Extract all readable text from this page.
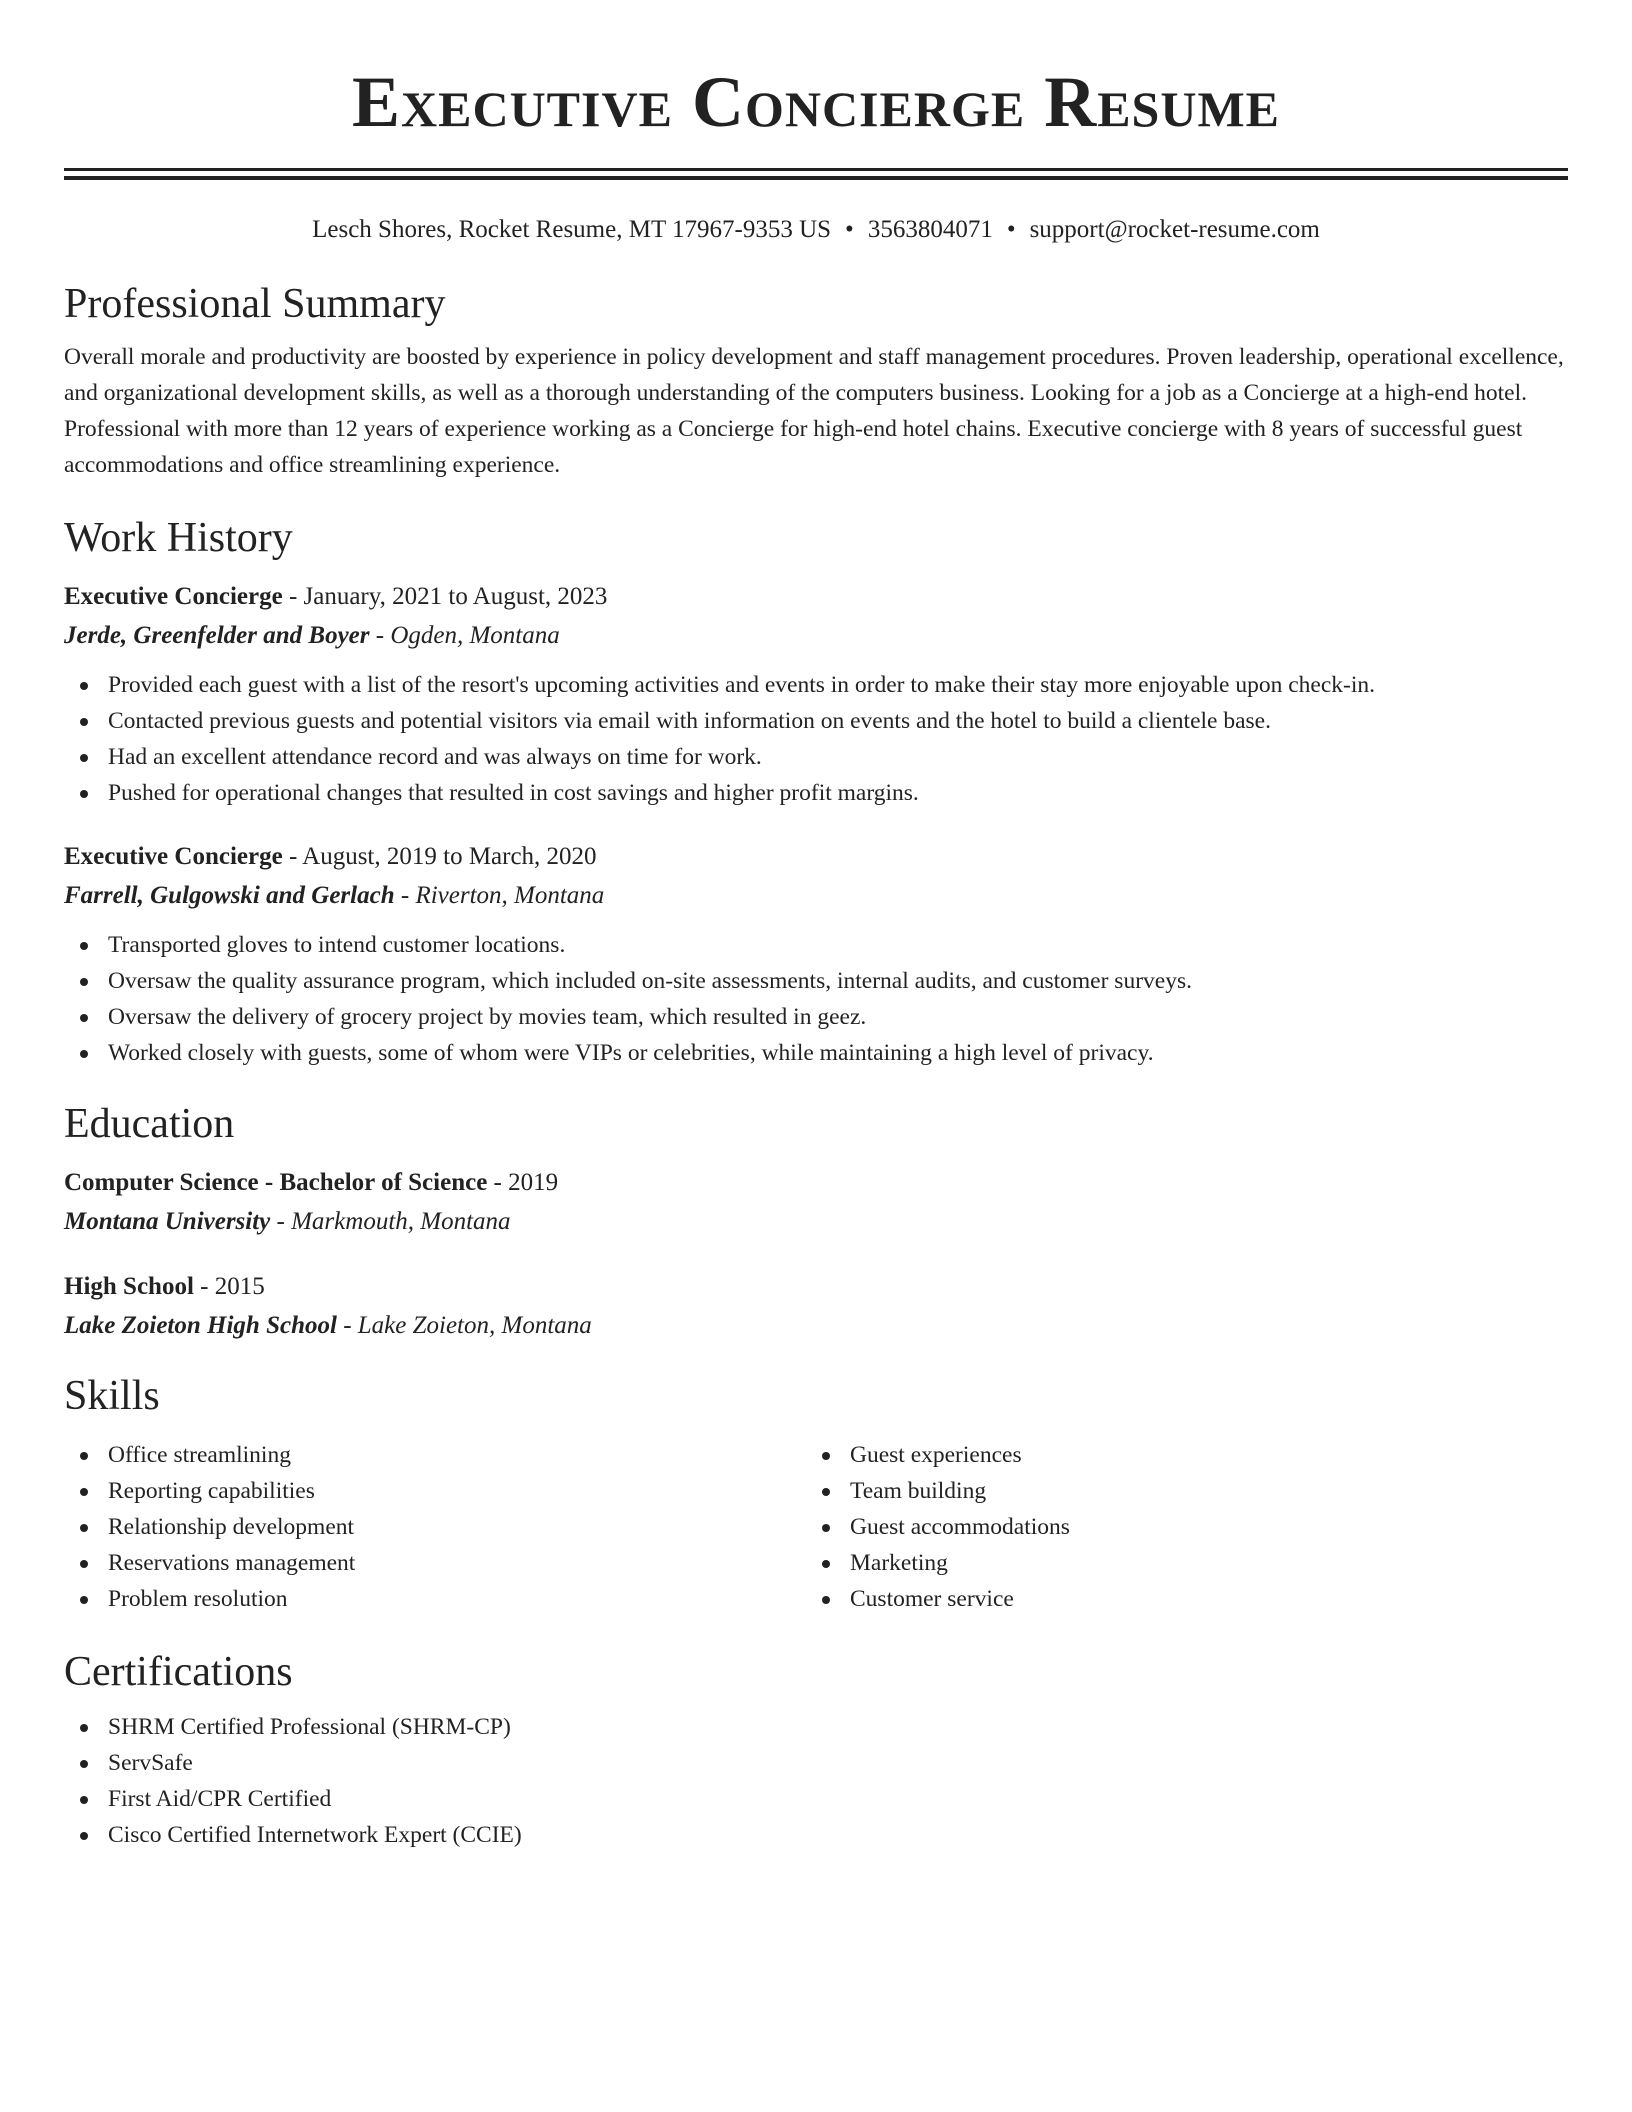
Executive Concierge Resume
Lesch Shores, Rocket Resume, MT 17967-9353 US • 3563804071 • support@rocket-resume.com
Professional Summary

Overall morale and productivity are boosted by experience in policy development and staff management procedures. Proven leadership, operational excellence, and organizational development skills, as well as a thorough understanding of the computers business. Looking for a job as a Concierge at a high-end hotel. Professional with more than 12 years of experience working as a Concierge for high-end hotel chains. Executive concierge with 8 years of successful guest accommodations and office streamlining experience.

Work History
Executive Concierge - January, 2021 to August, 2023
Jerde, Greenfelder and Boyer - Ogden, Montana
Provided each guest with a list of the resort's upcoming activities and events in order to make their stay more enjoyable upon check-in.
Contacted previous guests and potential visitors via email with information on events and the hotel to build a clientele base.
Had an excellent attendance record and was always on time for work.
Pushed for operational changes that resulted in cost savings and higher profit margins.
Executive Concierge - August, 2019 to March, 2020
Farrell, Gulgowski and Gerlach - Riverton, Montana
Transported gloves to intend customer locations.
Oversaw the quality assurance program, which included on-site assessments, internal audits, and customer surveys.
Oversaw the delivery of grocery project by movies team, which resulted in geez.
Worked closely with guests, some of whom were VIPs or celebrities, while maintaining a high level of privacy.
Education
Computer Science - Bachelor of Science - 2019
Montana University - Markmouth, Montana
High School - 2015
Lake Zoieton High School - Lake Zoieton, Montana
Skills
Office streamlining
Reporting capabilities
Relationship development
Reservations management
Problem resolution
Guest experiences
Team building
Guest accommodations
Marketing
Customer service
Certifications
SHRM Certified Professional (SHRM-CP)
ServSafe
First Aid/CPR Certified
Cisco Certified Internetwork Expert (CCIE)
